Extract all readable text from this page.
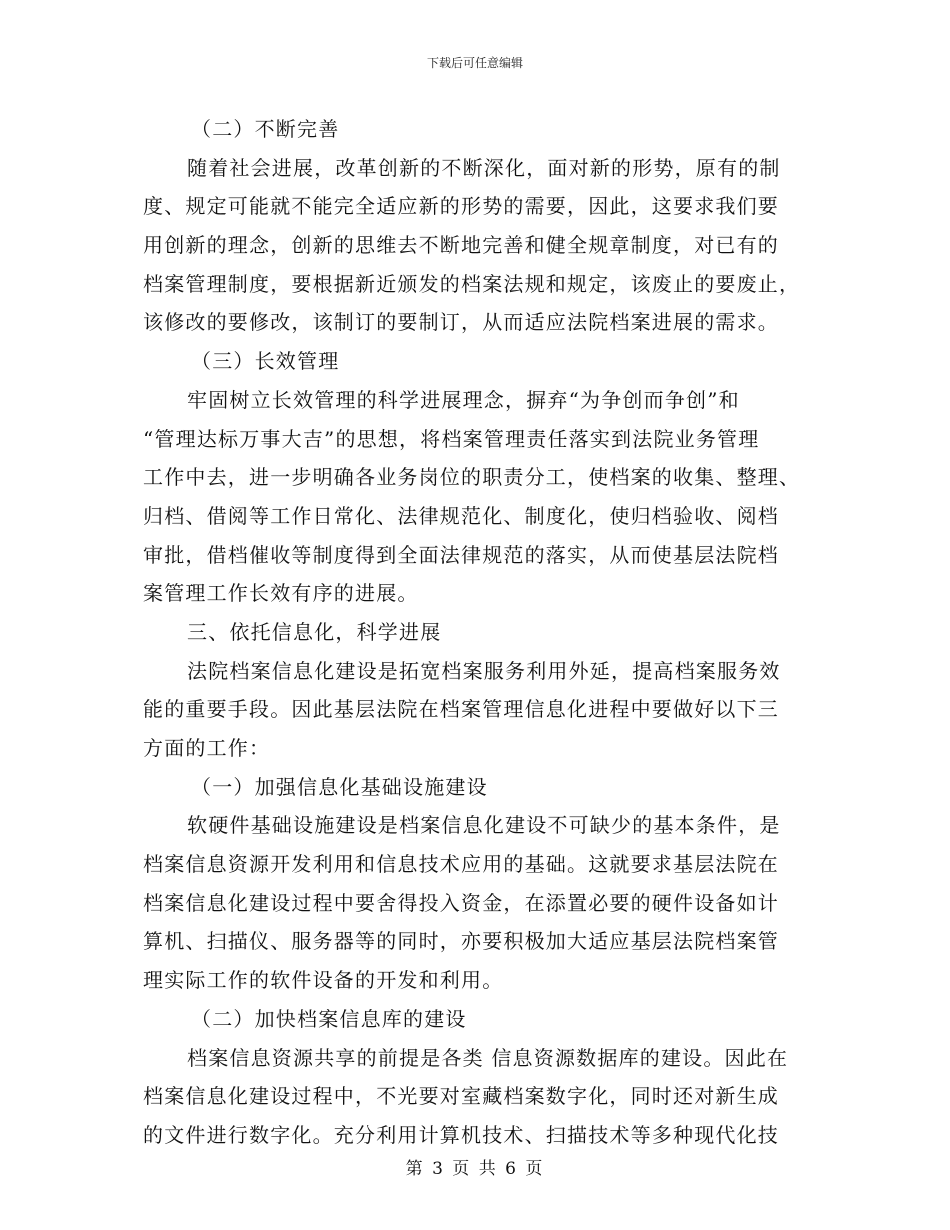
下载后可任意编辑
（二）不断完善
随着社会进展，改革创新的不断深化，面对新的形势，原有的制
度、规定可能就不能完全适应新的形势的需要，因此，这要求我们要
用创新的理念，创新的思维去不断地完善和健全规章制度，对已有的
档案管理制度，要根据新近颁发的档案法规和规定，该废止的要废止，
该修改的要修改，该制订的要制订，从而适应法院档案进展的需求。
（三）长效管理
牢固树立长效管理的科学进展理念，摒弃“为争创而争创”和
“管理达标万事大吉”的思想，将档案管理责任落实到法院业务管理
工作中去，进一步明确各业务岗位的职责分工，使档案的收集、整理、
归档、借阅等工作日常化、法律规范化、制度化，使归档验收、阅档
审批，借档催收等制度得到全面法律规范的落实，从而使基层法院档
案管理工作长效有序的进展。
三、依托信息化，科学进展
法院档案信息化建设是拓宽档案服务利用外延，提高档案服务效
能的重要手段。因此基层法院在档案管理信息化进程中要做好以下三
方面的工作：
（一）加强信息化基础设施建设
软硬件基础设施建设是档案信息化建设不可缺少的基本条件，是
档案信息资源开发利用和信息技术应用的基础。这就要求基层法院在
档案信息化建设过程中要舍得投入资金，在添置必要的硬件设备如计
算机、扫描仪、服务器等的同时，亦要积极加大适应基层法院档案管
理实际工作的软件设备的开发和利用。
（二）加快档案信息库的建设
档案信息资源共享的前提是各类 信息资源数据库的建设。因此在
档案信息化建设过程中，不光要对室藏档案数字化，同时还对新生成
的文件进行数字化。充分利用计算机技术、扫描技术等多种现代化技
第 3 页 共 6 页
